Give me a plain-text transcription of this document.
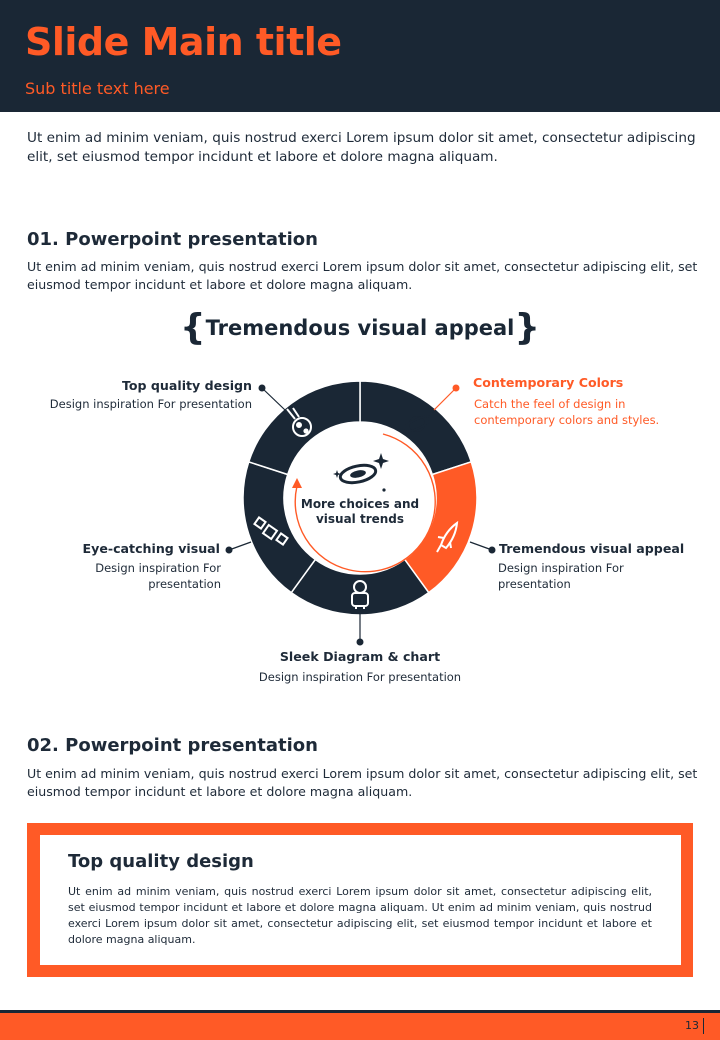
Slide Main title
Sub title text here
Ut enim ad minim veniam, quis nostrud exerci Lorem ipsum dolor sit amet, consectetur adipiscing elit, set eiusmod tempor incidunt et labore et dolore magna aliquam.
01. Powerpoint presentation
Ut enim ad minim veniam, quis nostrud exerci Lorem ipsum dolor sit amet, consectetur adipiscing elit, set eiusmod tempor incidunt et labore et dolore magna aliquam.
{Tremendous visual appeal}
More choices and visual trends
Top quality design
Design inspiration For presentation
Contemporary Colors
Catch the feel of design in contemporary colors and styles.
Tremendous visual appeal
Design inspiration For presentation
Sleek Diagram & chart
Design inspiration For presentation
Eye-catching visual
Design inspiration For presentation
02. Powerpoint presentation
Ut enim ad minim veniam, quis nostrud exerci Lorem ipsum dolor sit amet, consectetur adipiscing elit, set eiusmod tempor incidunt et labore et dolore magna aliquam.
Top quality design
Ut enim ad minim veniam, quis nostrud exerci Lorem ipsum dolor sit amet, consectetur adipiscing elit, set eiusmod tempor incidunt et labore et dolore magna aliquam. Ut enim ad minim veniam, quis nostrud exerci Lorem ipsum dolor sit amet, consectetur adipiscing elit, set eiusmod tempor incidunt et labore et dolore magna aliquam.
13
